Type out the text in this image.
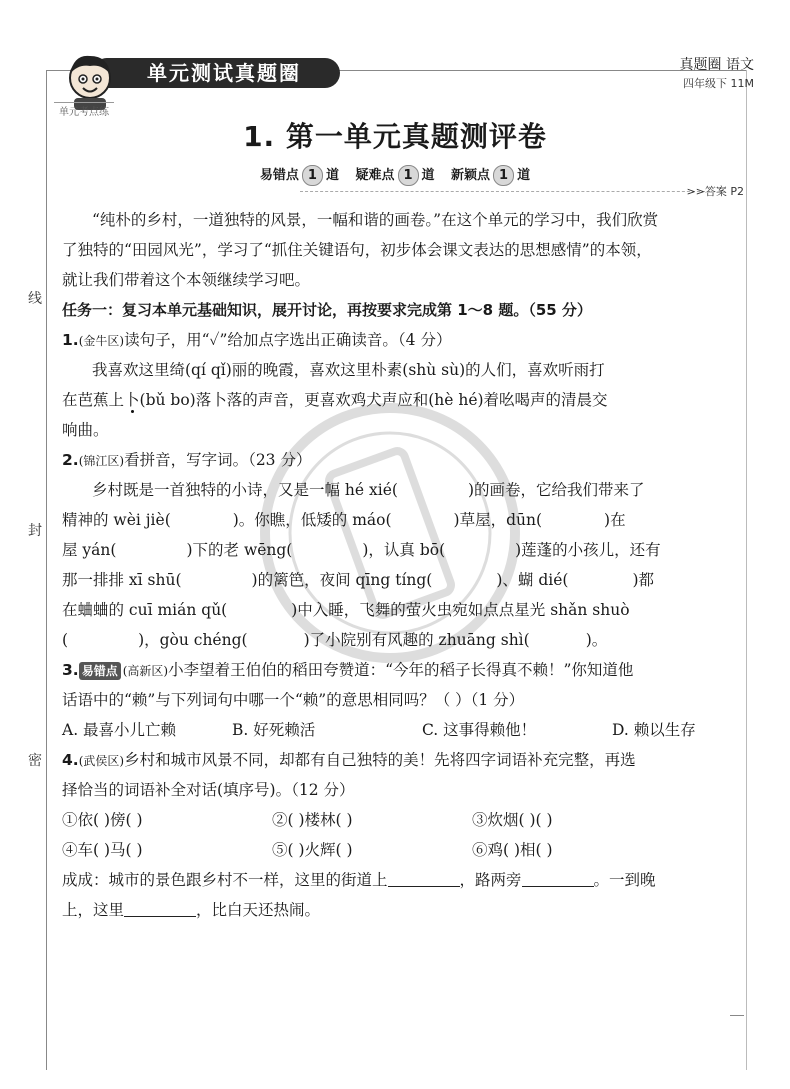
线
封
密
单元测试真题圈
单元考点练
真题圈 语文
四年级下 11M
1. 第一单元真题测评卷
易错点 1 道 疑难点 1 道 新颖点 1 道
>>答案 P2
“纯朴的乡村，一道独特的风景，一幅和谐的画卷。”在这个单元的学习中，我们欣赏
了独特的“田园风光”，学习了“抓住关键语句，初步体会课文表达的思想感情”的本领，
就让我们带着这个本领继续学习吧。
任务一：复习本单元基础知识，展开讨论，再按要求完成第 1～8 题。（55 分）
1.(金牛区)读句子，用“✓”给加点字选出正确读音。（4 分）
我喜欢这里绮(qí qǐ)丽的晚霞，喜欢这里朴素(shù sù)的人们，喜欢听雨打
在芭蕉上卜(bǔ bo)落卜落的声音，更喜欢鸡犬声应和(hè hé)着吆喝声的清晨交
响曲。
2.(锦江区)看拼音，写字词。（23 分）
乡村既是一首独特的小诗，又是一幅 hé xié(	)的画卷，它给我们带来了
精神的 wèi jiè(	)。你瞧，低矮的 máo(	)草屋，dūn(	)在
屋 yán(	)下的老 wēng(	)，认真 bō(	)莲蓬的小孩儿，还有
那一排排 xī shū(	)的篱笆，夜间 qīng tíng(	)、蝴 dié(	)都
在蛐蛐的 cuī mián qǔ(	)中入睡，飞舞的萤火虫宛如点点星光 shǎn shuò
(	)，gòu chéng(	)了小院别有风趣的 zhuāng shì(	)。
3. 易错点 (高新区)小李望着王伯伯的稻田夸赞道：“今年的稻子长得真不赖！”你知道他
话语中的“赖”与下列词句中哪一个“赖”的意思相同吗？（ ）（1 分）
A. 最喜小儿亡赖	B. 好死赖活	C. 这事得赖他！	D. 赖以生存
4.(武侯区)乡村和城市风景不同，却都有自己独特的美！先将四字词语补充完整，再选
择恰当的词语补全对话(填序号)。（12 分）
①依( )傍( )	②( )楼林( )	③炊烟( )( )
④车( )马( )	⑤( )火辉( )	⑥鸡( )相( )
成成：城市的景色跟乡村不一样，这里的街道上	，路两旁	。一到晚
上，这里	，比白天还热闹。
